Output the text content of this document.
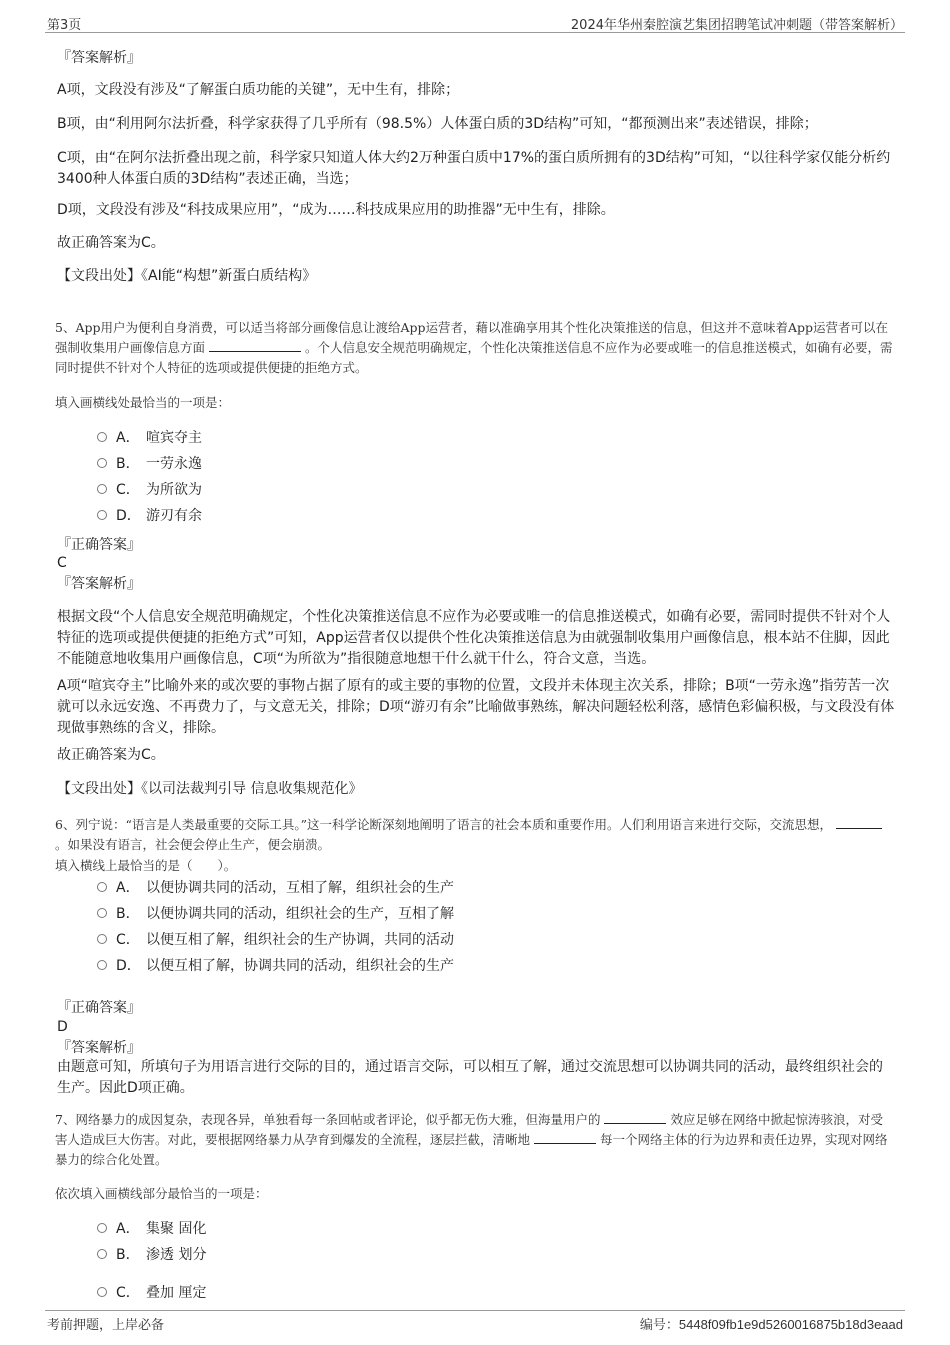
第3页	2024年华州秦腔演艺集团招聘笔试冲刺题（带答案解析）
『答案解析』
A项，文段没有涉及“了解蛋白质功能的关键”，无中生有，排除；
B项，由“利用阿尔法折叠，科学家获得了几乎所有（98.5%）人体蛋白质的3D结构”可知，“都预测出来”表述错误，排除；
C项，由“在阿尔法折叠出现之前，科学家只知道人体大约2万种蛋白质中17%的蛋白质所拥有的3D结构”可知，“以往科学家仅能分析约3400种人体蛋白质的3D结构”表述正确，当选；
D项，文段没有涉及“科技成果应用”，“成为……科技成果应用的助推器”无中生有，排除。
故正确答案为C。
【文段出处】《AI能“构想”新蛋白质结构》
5、App用户为便利自身消费，可以适当将部分画像信息让渡给App运营者，藉以准确享用其个性化决策推送的信息，但这并不意味着App运营者可以在强制收集用户画像信息方面	。个人信息安全规范明确规定，个性化决策推送信息不应作为必要或唯一的信息推送模式，如确有必要，需同时提供不针对个人特征的选项或提供便捷的拒绝方式。
填入画横线处最恰当的一项是：
A． 喧宾夺主
B． 一劳永逸
C． 为所欲为
D． 游刃有余
『正确答案』
C
『答案解析』
根据文段“个人信息安全规范明确规定，个性化决策推送信息不应作为必要或唯一的信息推送模式，如确有必要，需同时提供不针对个人特征的选项或提供便捷的拒绝方式”可知，App运营者仅以提供个性化决策推送信息为由就强制收集用户画像信息，根本站不住脚，因此不能随意地收集用户画像信息，C项“为所欲为”指很随意地想干什么就干什么，符合文意，当选。
A项“喧宾夺主”比喻外来的或次要的事物占据了原有的或主要的事物的位置，文段并未体现主次关系，排除；B项“一劳永逸”指劳苦一次就可以永远安逸、不再费力了，与文意无关，排除；D项“游刃有余”比喻做事熟练，解决问题轻松利落，感情色彩偏积极，与文段没有体现做事熟练的含义，排除。
故正确答案为C。
【文段出处】《以司法裁判引导 信息收集规范化》
6、列宁说：“语言是人类最重要的交际工具。”这一科学论断深刻地阐明了语言的社会本质和重要作用。人们利用语言来进行交际，交流思想，  。如果没有语言，社会便会停止生产，便会崩溃。
填入横线上最恰当的是（　　）。
A． 以便协调共同的活动，互相了解，组织社会的生产
B． 以便协调共同的活动，组织社会的生产，互相了解
C． 以便互相了解，组织社会的生产协调，共同的活动
D． 以便互相了解，协调共同的活动，组织社会的生产
『正确答案』
D
『答案解析』
由题意可知，所填句子为用语言进行交际的目的，通过语言交际，可以相互了解，通过交流思想可以协调共同的活动，最终组织社会的生产。因此D项正确。
7、网络暴力的成因复杂，表现各异，单独看每一条回帖或者评论，似乎都无伤大雅，但海量用户的	效应足够在网络中掀起惊涛骇浪，对受害人造成巨大伤害。对此，要根据网络暴力从孕育到爆发的全流程，逐层拦截，清晰地	每一个网络主体的行为边界和责任边界，实现对网络暴力的综合化处置。
依次填入画横线部分最恰当的一项是：
A． 集聚 固化
B． 渗透 划分
C． 叠加 厘定
考前押题，上岸必备	编号：5448f09fb1e9d5260016875b18d3eaad
